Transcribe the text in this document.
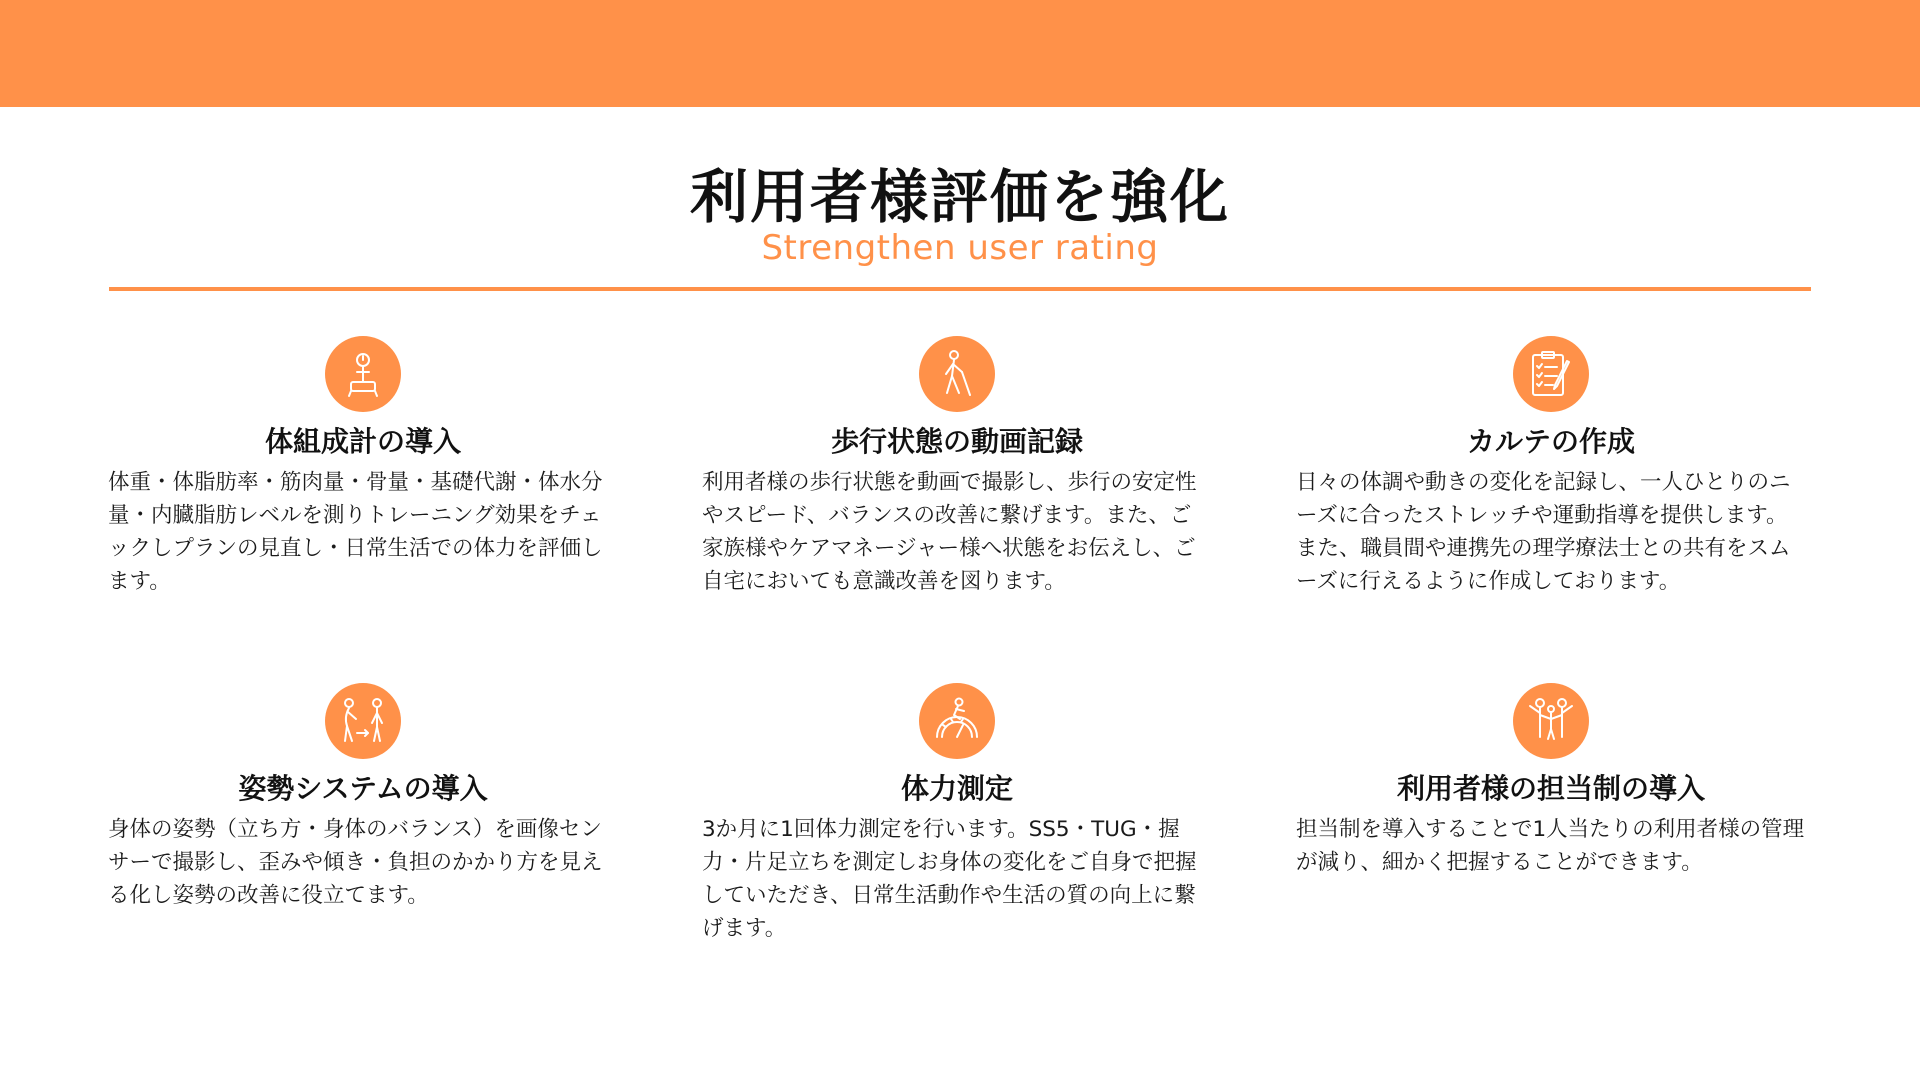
利用者様評価を強化
Strengthen user rating
体組成計の導入
体重・体脂肪率・筋肉量・骨量・基礎代謝・体水分量・内臓脂肪レベルを測りトレーニング効果をチェックしプランの見直し・日常生活での体力を評価します。
歩行状態の動画記録
利用者様の歩行状態を動画で撮影し、歩行の安定性やスピード、バランスの改善に繋げます。また、ご家族様やケアマネージャー様へ状態をお伝えし、ご自宅においても意識改善を図ります。
カルテの作成
日々の体調や動きの変化を記録し、一人ひとりのニーズに合ったストレッチや運動指導を提供します。また、職員間や連携先の理学療法士との共有をスムーズに行えるように作成しております。
姿勢システムの導入
身体の姿勢（立ち方・身体のバランス）を画像センサーで撮影し、歪みや傾き・負担のかかり方を見える化し姿勢の改善に役立てます。
体力測定
3か月に1回体力測定を行います。SS5・TUG・握力・片足立ちを測定しお身体の変化をご自身で把握していただき、日常生活動作や生活の質の向上に繋げます。
利用者様の担当制の導入
担当制を導入することで1人当たりの利用者様の管理が減り、細かく把握することができます。
